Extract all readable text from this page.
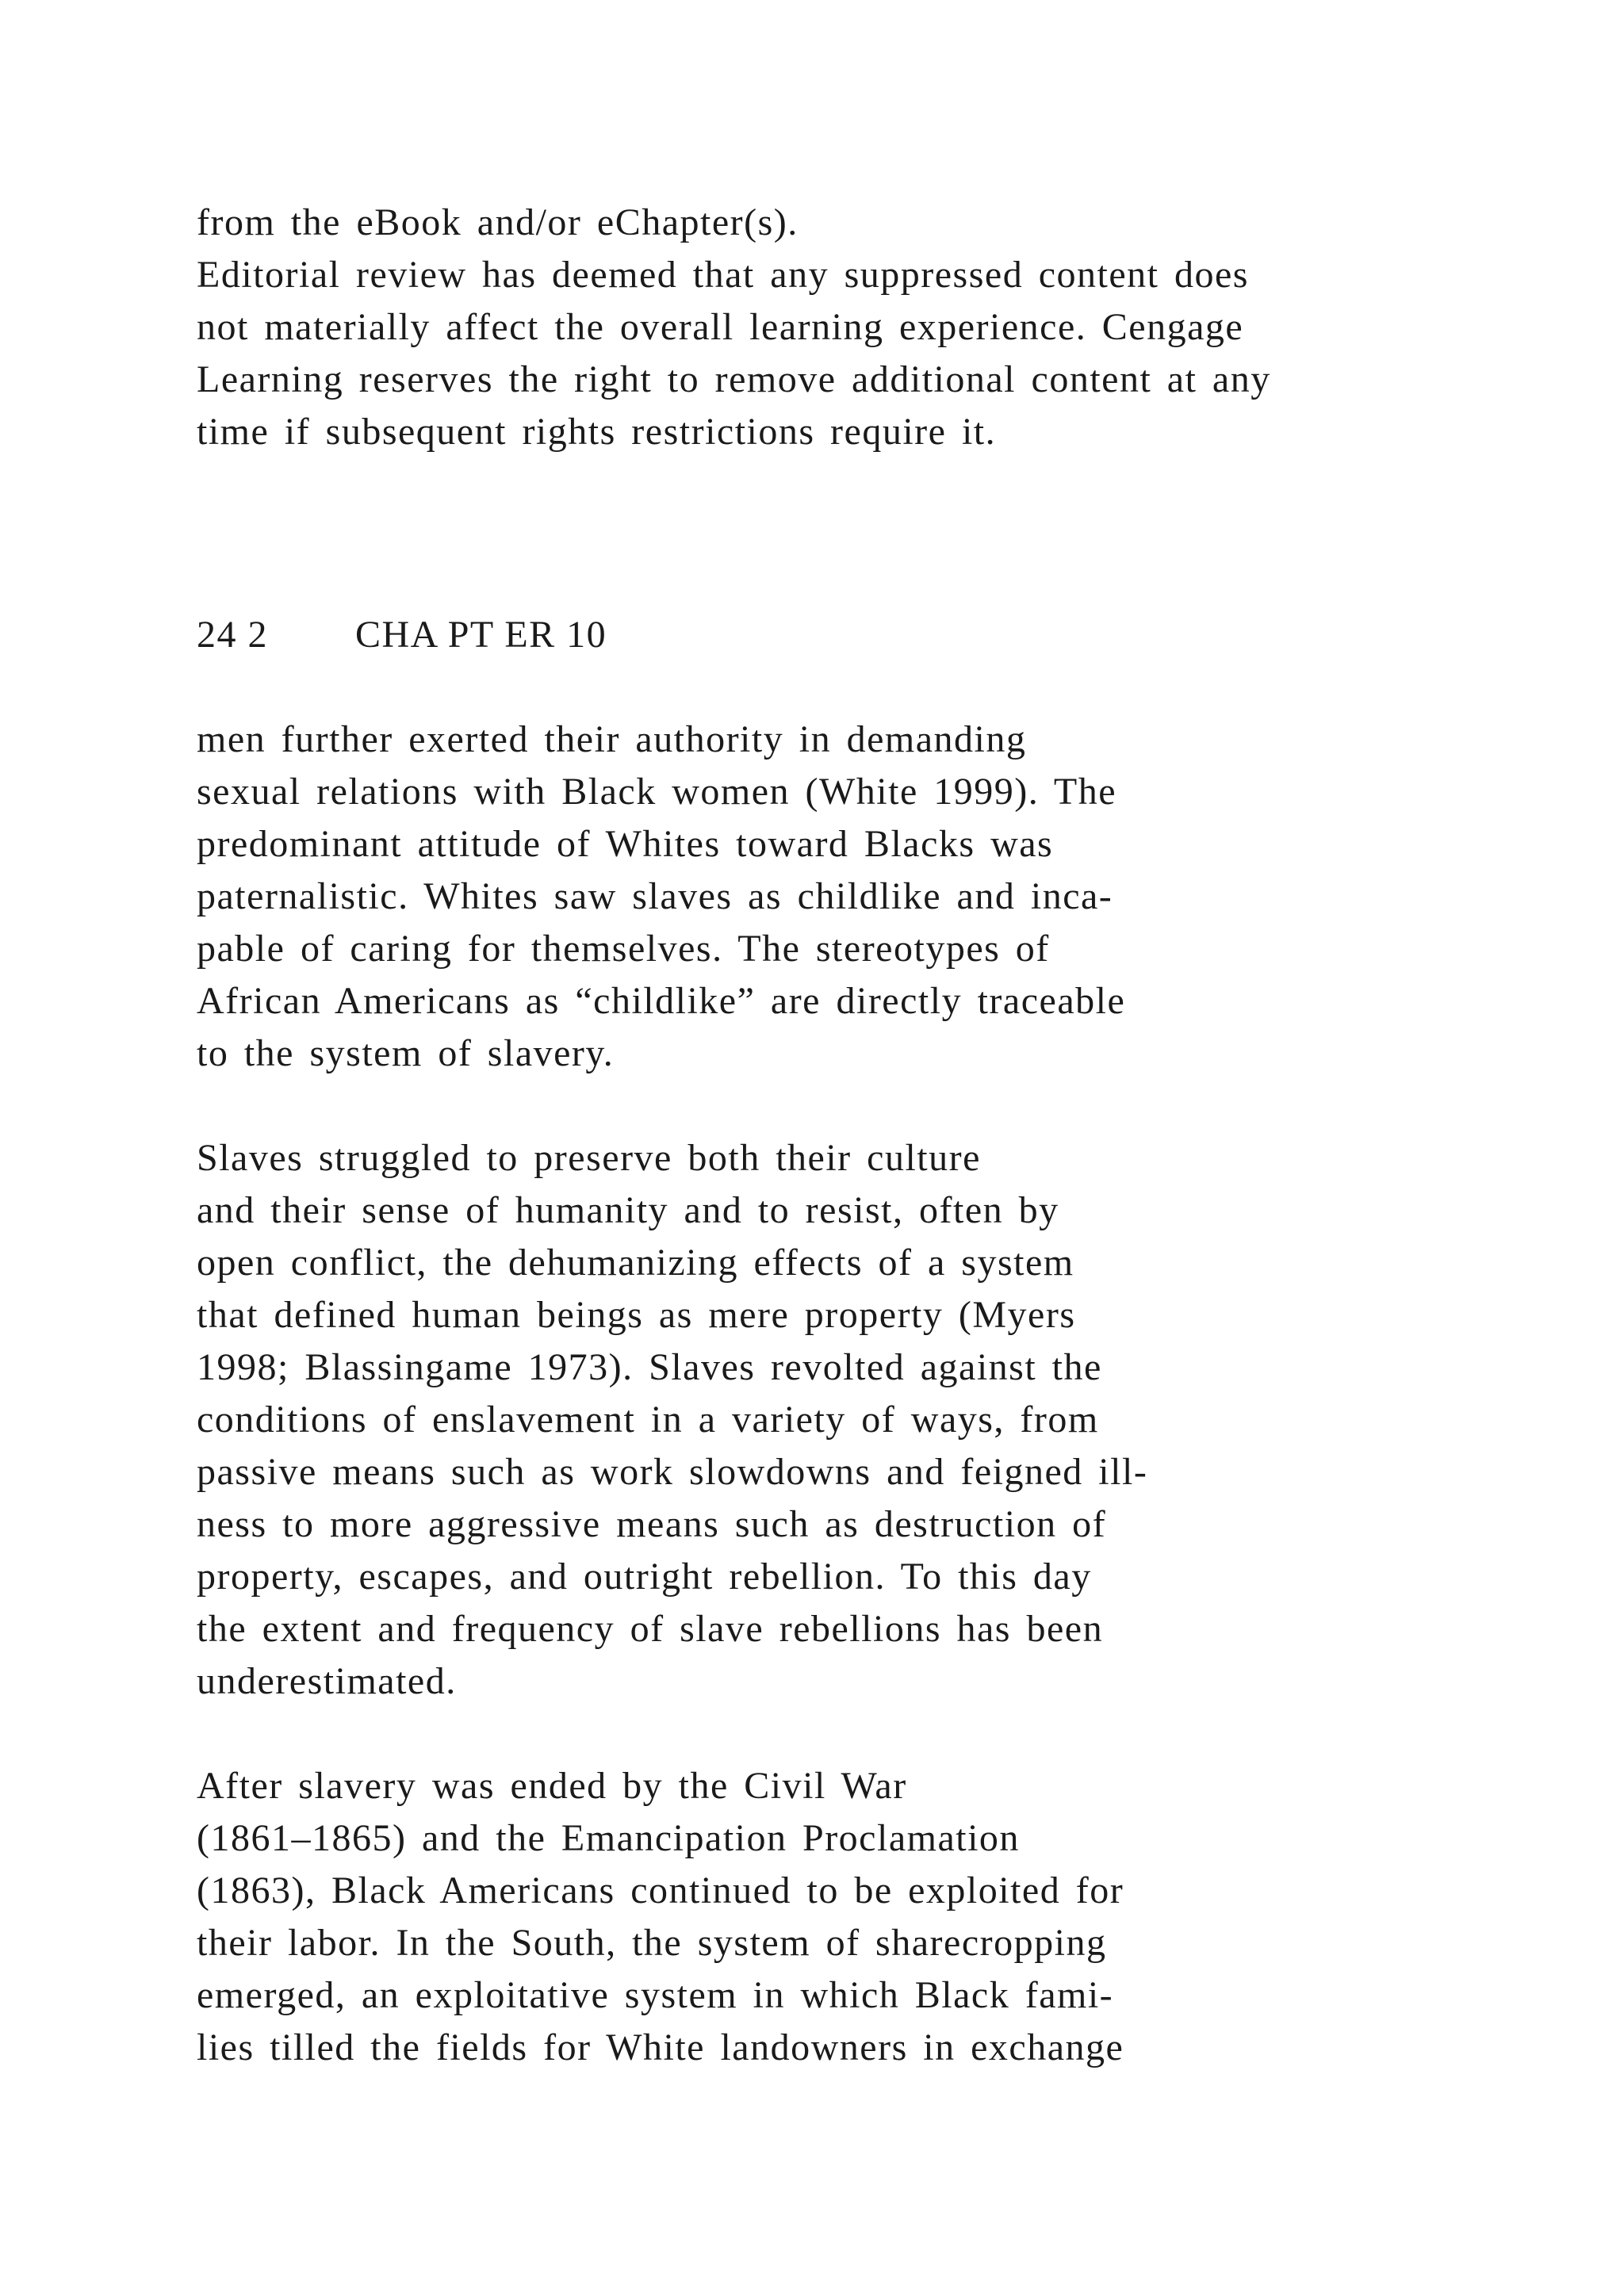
from the eBook and/or eChapter(s).
Editorial review has deemed that any suppressed content does
not materially affect the overall learning experience. Cengage
Learning reserves the right to remove additional content at any
time if subsequent rights restrictions require it.
24 2 CHA PT ER 10
men further exerted their authority in demanding
sexual relations with Black women (White 1999). The
predominant attitude of Whites toward Blacks was
paternalistic. Whites saw slaves as childlike and inca-
pable of caring for themselves. The stereotypes of
African Americans as “childlike” are directly traceable
to the system of slavery.
Slaves struggled to preserve both their culture
and their sense of humanity and to resist, often by
open conflict, the dehumanizing effects of a system
that defined human beings as mere property (Myers
1998; Blassingame 1973). Slaves revolted against the
conditions of enslavement in a variety of ways, from
passive means such as work slowdowns and feigned ill-
ness to more aggressive means such as destruction of
property, escapes, and outright rebellion. To this day
the extent and frequency of slave rebellions has been
underestimated.
After slavery was ended by the Civil War
(1861–1865) and the Emancipation Proclamation
(1863), Black Americans continued to be exploited for
their labor. In the South, the system of sharecropping
emerged, an exploitative system in which Black fami-
lies tilled the fields for White landowners in exchange
